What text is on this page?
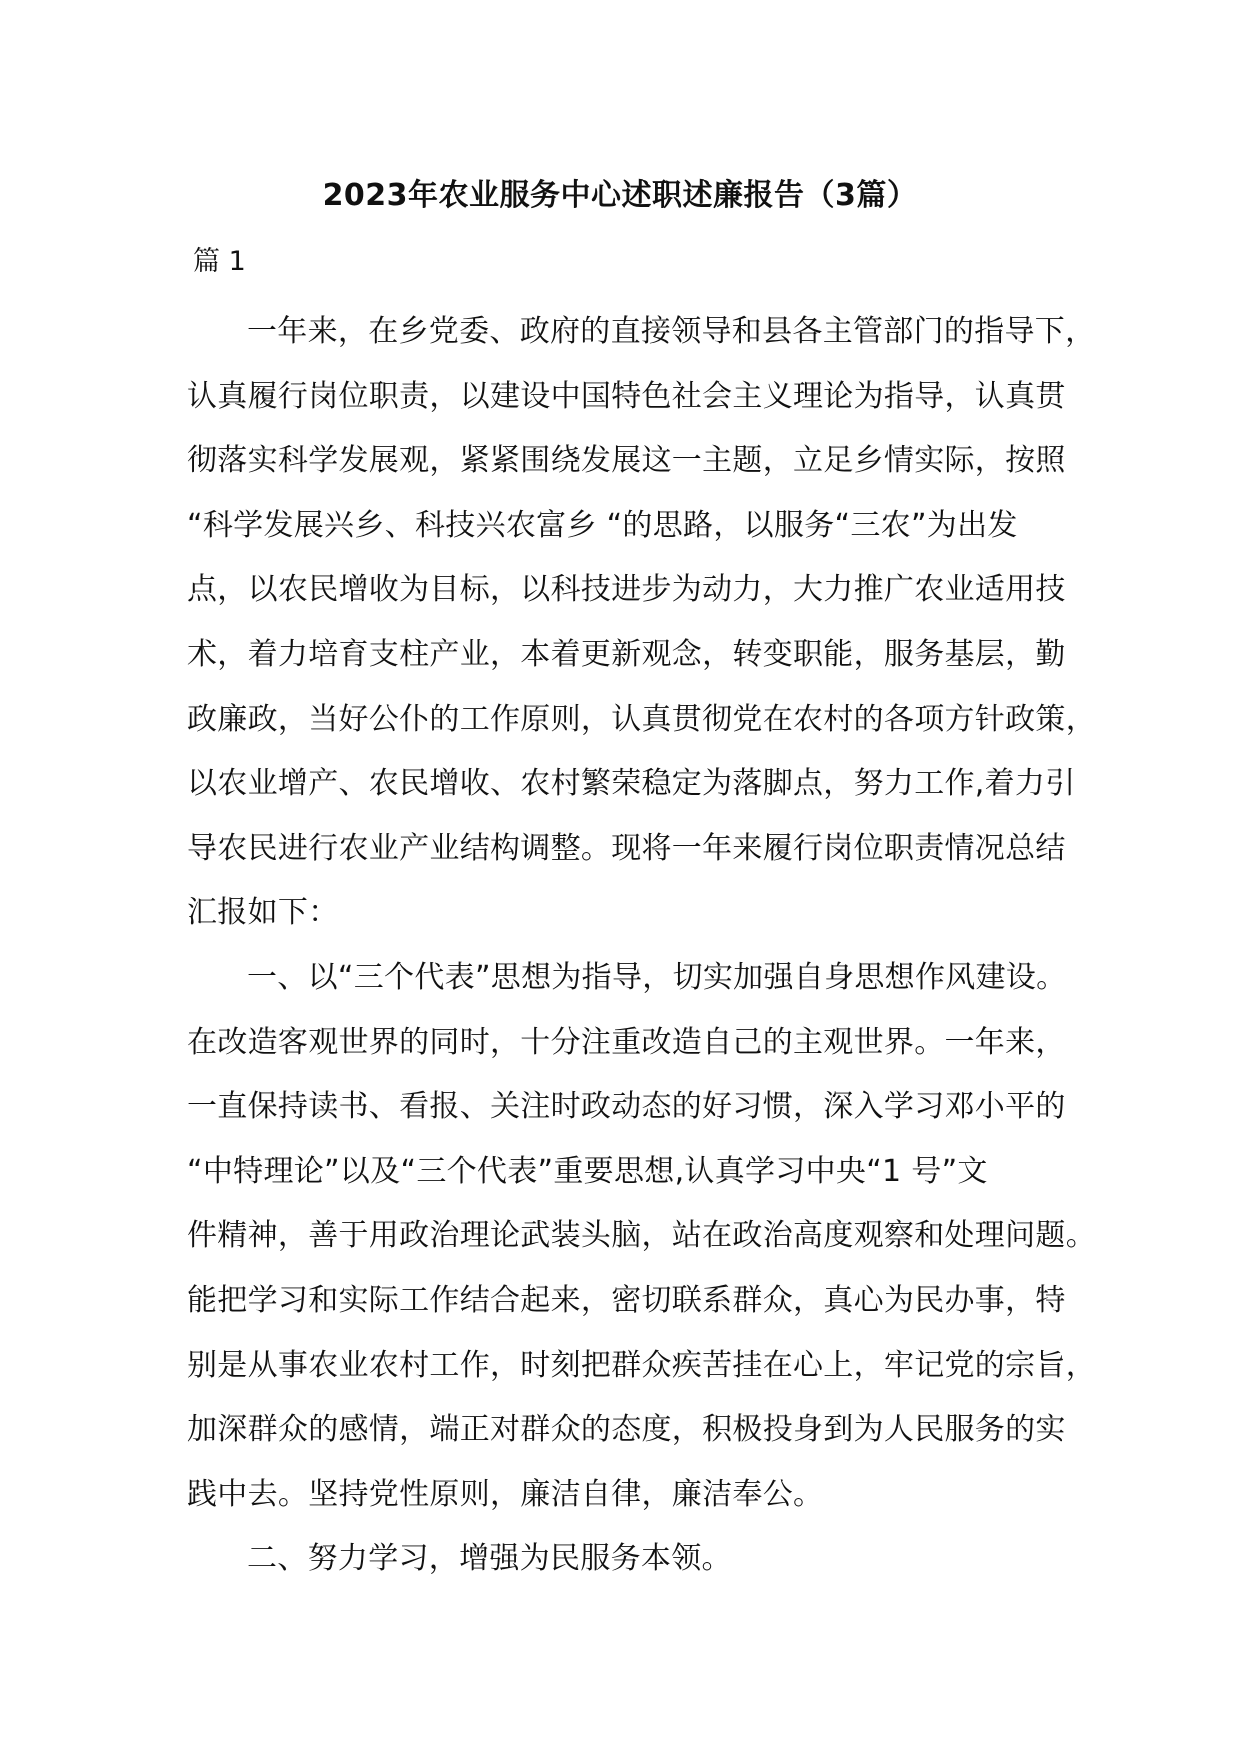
2023年农业服务中心述职述廉报告（3篇）

篇 1

一年来，在乡党委、政府的直接领导和县各主管部门的指导下，
认真履行岗位职责，以建设中国特色社会主义理论为指导，认真贯
彻落实科学发展观，紧紧围绕发展这一主题，立足乡情实际，按照
“科学发展兴乡、科技兴农富乡 “的思路，以服务“三农”为出发
点，以农民增收为目标，以科技进步为动力，大力推广农业适用技
术，着力培育支柱产业，本着更新观念，转变职能，服务基层，勤
政廉政，当好公仆的工作原则，认真贯彻党在农村的各项方针政策，
以农业增产、农民增收、农村繁荣稳定为落脚点，努力工作,着力引
导农民进行农业产业结构调整。现将一年来履行岗位职责情况总结
汇报如下：
一、以“三个代表”思想为指导，切实加强自身思想作风建设。
在改造客观世界的同时，十分注重改造自己的主观世界。一年来，
一直保持读书、看报、关注时政动态的好习惯，深入学习邓小平的
“中特理论”以及“三个代表”重要思想,认真学习中央“1 号”文
件精神，善于用政治理论武装头脑，站在政治高度观察和处理问题。
能把学习和实际工作结合起来，密切联系群众，真心为民办事，特
别是从事农业农村工作，时刻把群众疾苦挂在心上，牢记党的宗旨，
加深群众的感情，端正对群众的态度，积极投身到为人民服务的实
践中去。坚持党性原则，廉洁自律，廉洁奉公。
二、努力学习，增强为民服务本领。
